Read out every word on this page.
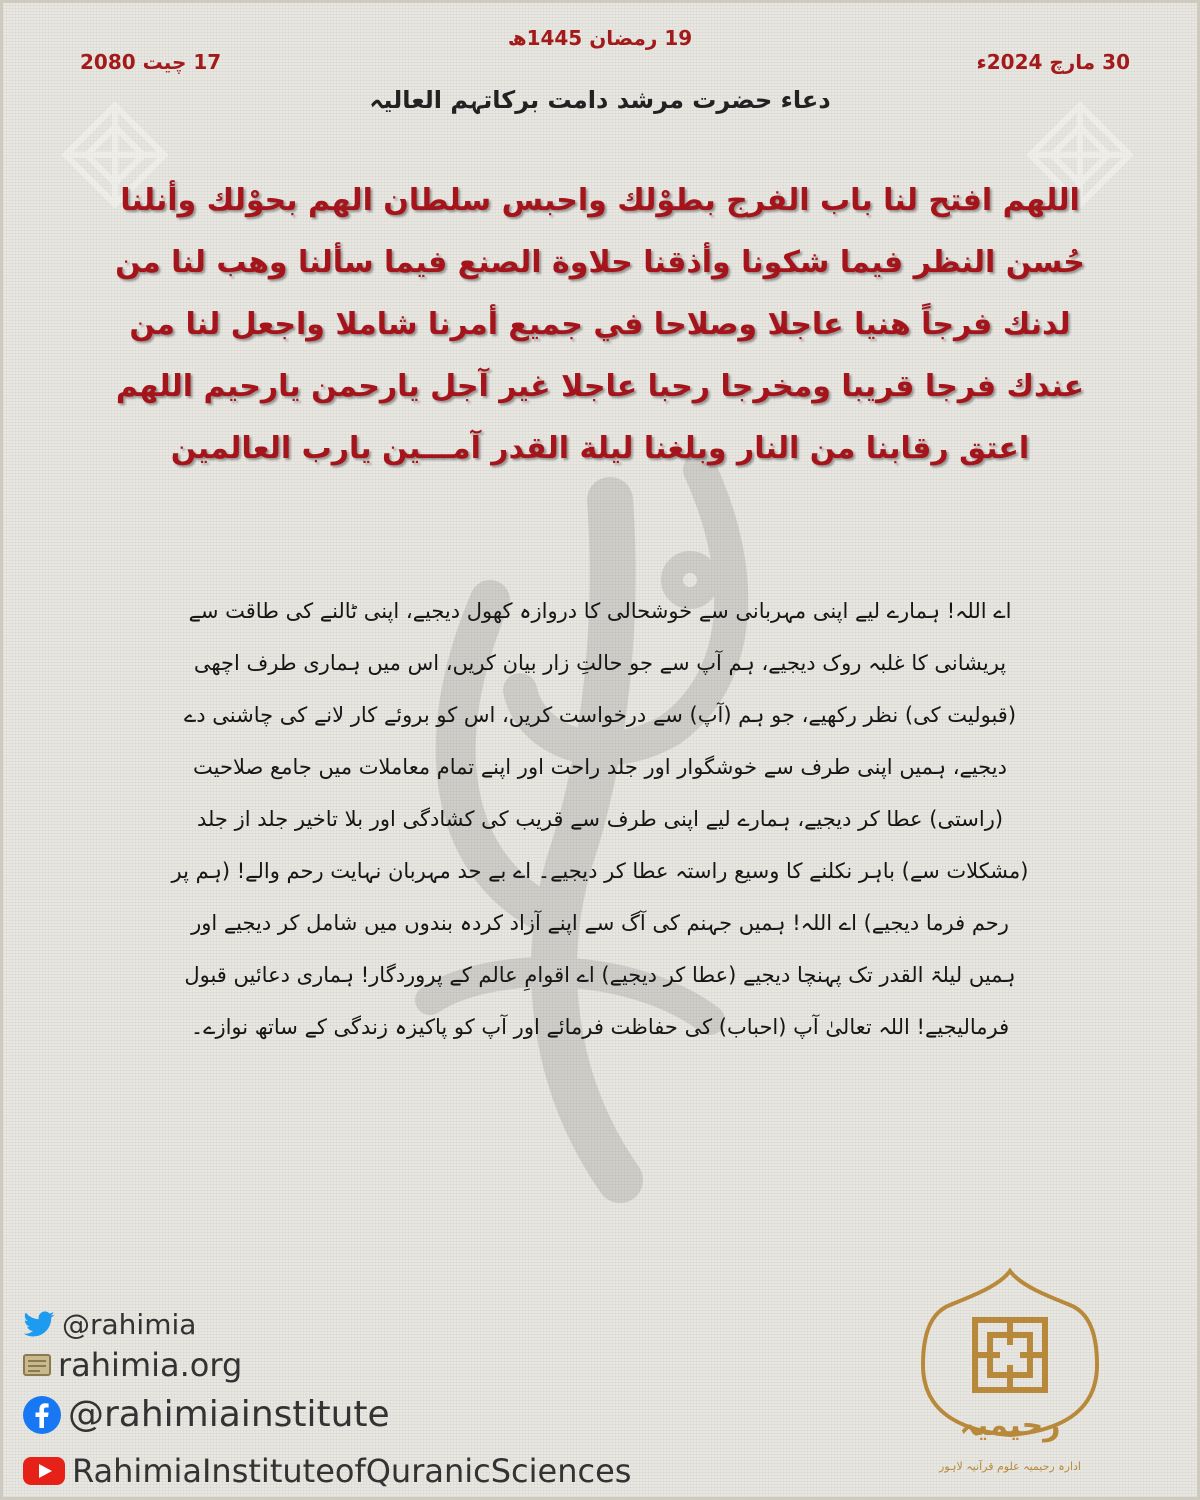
30 مارچ 2024ء
19 رمضان 1445ھ
17 چیت 2080
دعاء حضرت مرشد دامت برکاتہم العالیہ
اللهم افتح لنا باب الفرج بطوْلك واحبس سلطان الهم بحوْلك وأنلنا حُسن النظر فيما شكونا وأذقنا حلاوة الصنع فيما سألنا وهب لنا من لدنك فرجاً هنيا عاجلا وصلاحا في جميع أمرنا شاملا واجعل لنا من عندك فرجا قريبا ومخرجا رحبا عاجلا غير آجل يارحمن يارحيم اللهم اعتق رقابنا من النار وبلغنا ليلة القدر آمـــين يارب العالمين
اے اللہ! ہمارے لیے اپنی مہربانی سے خوشحالی کا دروازہ کھول دیجیے، اپنی ٹالنے کی طاقت سے پریشانی کا غلبہ روک دیجیے، ہم آپ سے جو حالتِ زار بیان کریں، اس میں ہماری طرف اچھی (قبولیت کی) نظر رکھیے، جو ہم (آپ) سے درخواست کریں، اس کو بروئے کار لانے کی چاشنی دے دیجیے، ہمیں اپنی طرف سے خوشگوار اور جلد راحت اور اپنے تمام معاملات میں جامع صلاحیت (راستی) عطا کر دیجیے، ہمارے لیے اپنی طرف سے قریب کی کشادگی اور بلا تاخیر جلد از جلد (مشکلات سے) باہر نکلنے کا وسیع راستہ عطا کر دیجیے۔ اے بے حد مہربان نہایت رحم والے! (ہم پر رحم فرما دیجیے) اے اللہ! ہمیں جہنم کی آگ سے اپنے آزاد کردہ بندوں میں شامل کر دیجیے اور ہمیں لیلۃ القدر تک پہنچا دیجیے (عطا کر دیجیے) اے اقوامِ عالم کے پروردگار! ہماری دعائیں قبول فرمالیجیے! اللہ تعالیٰ آپ (احباب) کی حفاظت فرمائے اور آپ کو پاکیزہ زندگی کے ساتھ نوازے۔
@rahimia
rahimia.org
@rahimiainstitute
RahimiaInstituteofQuranicSciences
رحیمیہ
ادارہ رحیمیہ علوم قرآنیہ لاہور
